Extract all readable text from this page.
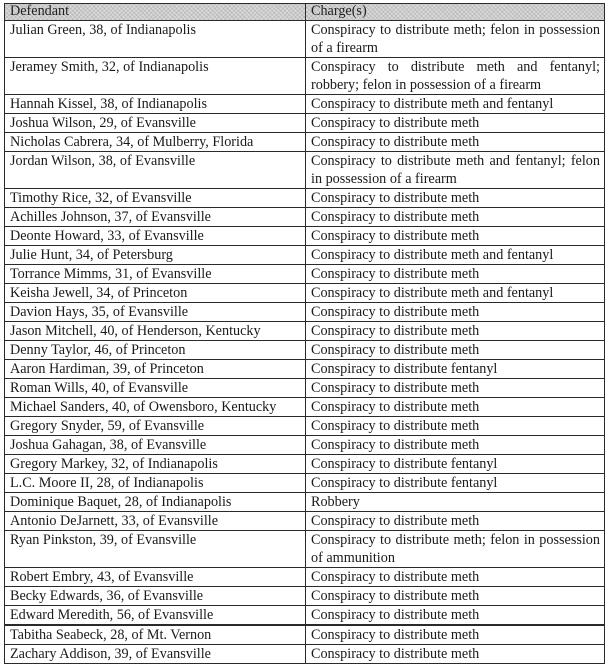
Defendant	Charge(s)
Julian Green, 38, of Indianapolis	Conspiracy to distribute meth; felon in possession of a firearm
Jeramey Smith, 32, of Indianapolis	Conspiracy to distribute meth and fentanyl; robbery; felon in possession of a firearm
Hannah Kissel, 38, of Indianapolis	Conspiracy to distribute meth and fentanyl
Joshua Wilson, 29, of Evansville	Conspiracy to distribute meth
Nicholas Cabrera, 34, of Mulberry, Florida	Conspiracy to distribute meth
Jordan Wilson, 38, of Evansville	Conspiracy to distribute meth and fentanyl; felon in possession of a firearm
Timothy Rice, 32, of Evansville	Conspiracy to distribute meth
Achilles Johnson, 37, of Evansville	Conspiracy to distribute meth
Deonte Howard, 33, of Evansville	Conspiracy to distribute meth
Julie Hunt, 34, of Petersburg	Conspiracy to distribute meth and fentanyl
Torrance Mimms, 31, of Evansville	Conspiracy to distribute meth
Keisha Jewell, 34, of Princeton	Conspiracy to distribute meth and fentanyl
Davion Hays, 35, of Evansville	Conspiracy to distribute meth
Jason Mitchell, 40, of Henderson, Kentucky	Conspiracy to distribute meth
Denny Taylor, 46, of Princeton	Conspiracy to distribute meth
Aaron Hardiman, 39, of Princeton	Conspiracy to distribute fentanyl
Roman Wills, 40, of Evansville	Conspiracy to distribute meth
Michael Sanders, 40, of Owensboro, Kentucky	Conspiracy to distribute meth
Gregory Snyder, 59, of Evansville	Conspiracy to distribute meth
Joshua Gahagan, 38, of Evansville	Conspiracy to distribute meth
Gregory Markey, 32, of Indianapolis	Conspiracy to distribute fentanyl
L.C. Moore II, 28, of Indianapolis	Conspiracy to distribute fentanyl
Dominique Baquet, 28, of Indianapolis	Robbery
Antonio DeJarnett, 33, of Evansville	Conspiracy to distribute meth
Ryan Pinkston, 39, of Evansville	Conspiracy to distribute meth; felon in possession of ammunition
Robert Embry, 43, of Evansville	Conspiracy to distribute meth
Becky Edwards, 36, of Evansville	Conspiracy to distribute meth
Edward Meredith, 56, of Evansville	Conspiracy to distribute meth
Tabitha Seabeck, 28, of Mt. Vernon	Conspiracy to distribute meth
Zachary Addison, 39, of Evansville	Conspiracy to distribute meth
